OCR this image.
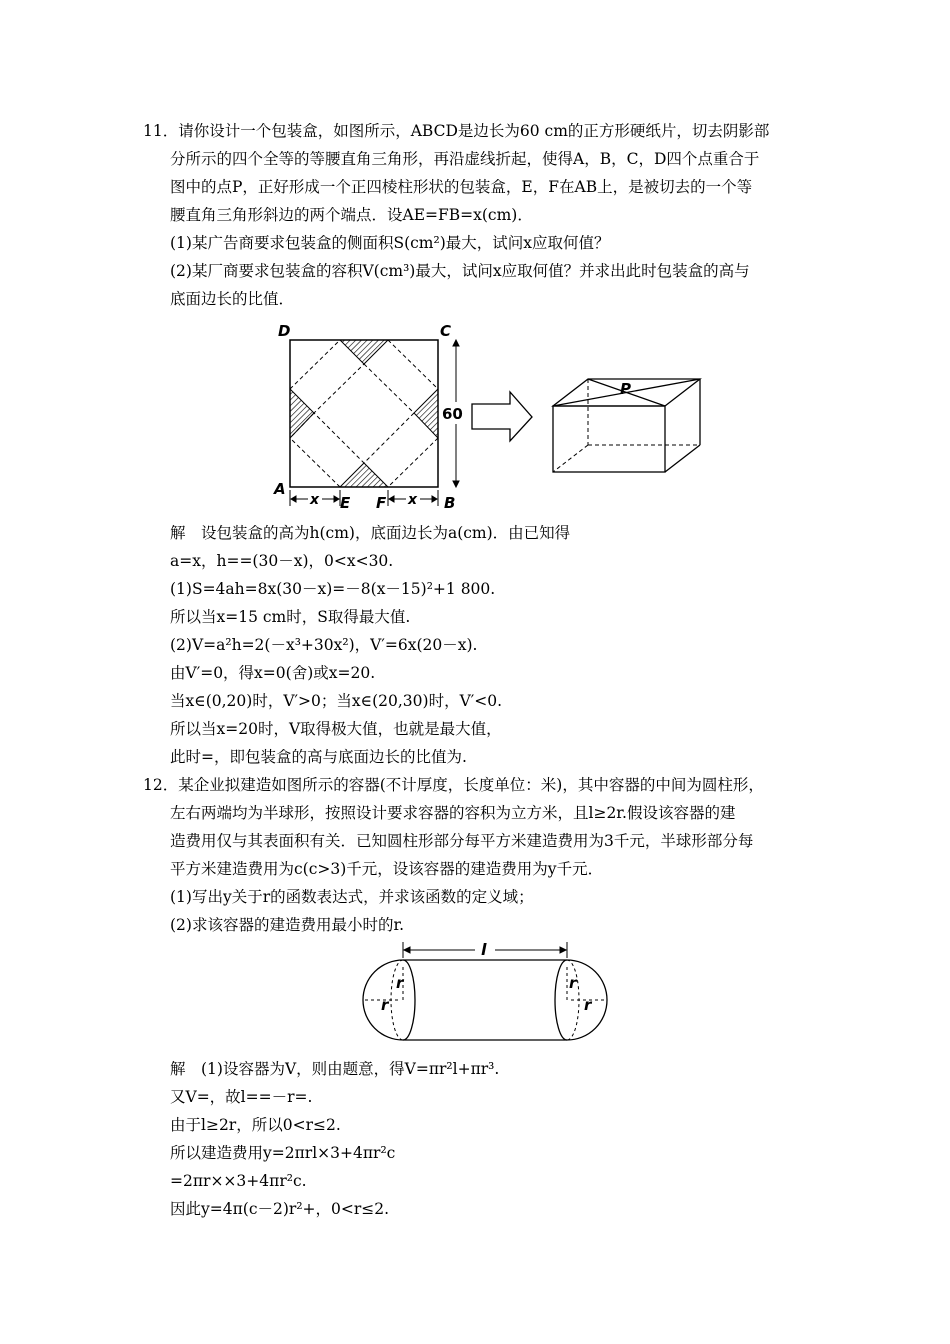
11．请你设计一个包装盒，如图所示，ABCD是边长为60 cm的正方形硬纸片，切去阴影部
分所示的四个全等的等腰直角三角形，再沿虚线折起，使得A，B，C，D四个点重合于
图中的点P，正好形成一个正四棱柱形状的包装盒，E，F在AB上，是被切去的一个等
腰直角三角形斜边的两个端点．设AE=FB=x(cm)．
(1)某广告商要求包装盒的侧面积S(cm²)最大，试问x应取何值？
(2)某厂商要求包装盒的容积V(cm³)最大，试问x应取何值？并求出此时包装盒的高与
底面边长的比值．
D	C
A
B
E F
x	x
60
P
解　设包装盒的高为h(cm)，底面边长为a(cm)．由已知得
a=x，h==(30－x)，0<x<30.
(1)S=4ah=8x(30－x)=－8(x－15)²+1 800.
所以当x=15 cm时，S取得最大值.
(2)V=a²h=2(－x³+30x²)，V′=6x(20－x).
由V′=0，得x=0(舍)或x=20.
当x∈(0,20)时，V′>0；当x∈(20,30)时，V′<0.
所以当x=20时，V取得极大值，也就是最大值，
此时=，即包装盒的高与底面边长的比值为.
12．某企业拟建造如图所示的容器(不计厚度，长度单位：米)，其中容器的中间为圆柱形，
左右两端均为半球形，按照设计要求容器的容积为立方米，且l≥2r.假设该容器的建
造费用仅与其表面积有关．已知圆柱形部分每平方米建造费用为3千元，半球形部分每
平方米建造费用为c(c>3)千元，设该容器的建造费用为y千元．
(1)写出y关于r的函数表达式，并求该函数的定义域；
(2)求该容器的建造费用最小时的r.
l
r
r	r
r
解　(1)设容器为V，则由题意，得V=πr²l+πr³.
又V=，故l==－r=.
由于l≥2r，所以0<r≤2.
所以建造费用y=2πrl×3+4πr²c
=2πr××3+4πr²c.
因此y=4π(c－2)r²+，0<r≤2.
